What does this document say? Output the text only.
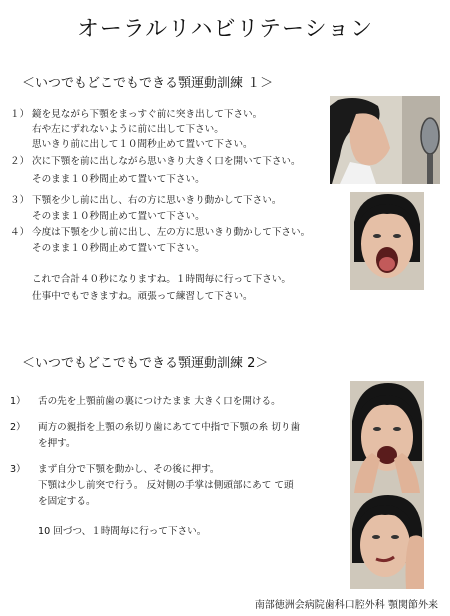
オーラルリハビリテーション
＜いつでもどこでもできる顎運動訓練 １＞
１） 鏡を見ながら下顎をまっすぐ前に突き出して下さい。
右や左にずれないように前に出して下さい。
思いきり前に出して１０間秒止めて置いて下さい。
２） 次に下顎を前に出しながら思いきり大きく口を開いて下さい。
そのまま１０秒間止めて置いて下さい。
３） 下顎を少し前に出し、右の方に思いきり動かして下さい。
そのまま１０秒間止めて置いて下さい。
４） 今度は下顎を少し前に出し、左の方に思いきり動かして下さい。
そのまま１０秒間止めて置いて下さい。
これで合計４０秒になりますね。１時間毎に行って下さい。
仕事中でもできますね。頑張って練習して下さい。
＜いつでもどこでもできる顎運動訓練 2＞
1） 舌の先を上顎前歯の裏につけたまま 大きく口を開ける。
2） 両方の親指を上顎の糸切り歯にあてて中指で下顎の糸 切り歯
を押す。
3） まず自分で下顎を動かし、その後に押す。
下顎は少し前突で行う。 反対側の手掌は側頭部にあて て頭
を固定する。
10 回づつ、１時間毎に行って下さい。
南部徳洲会病院歯科口腔外科 顎関節外来
